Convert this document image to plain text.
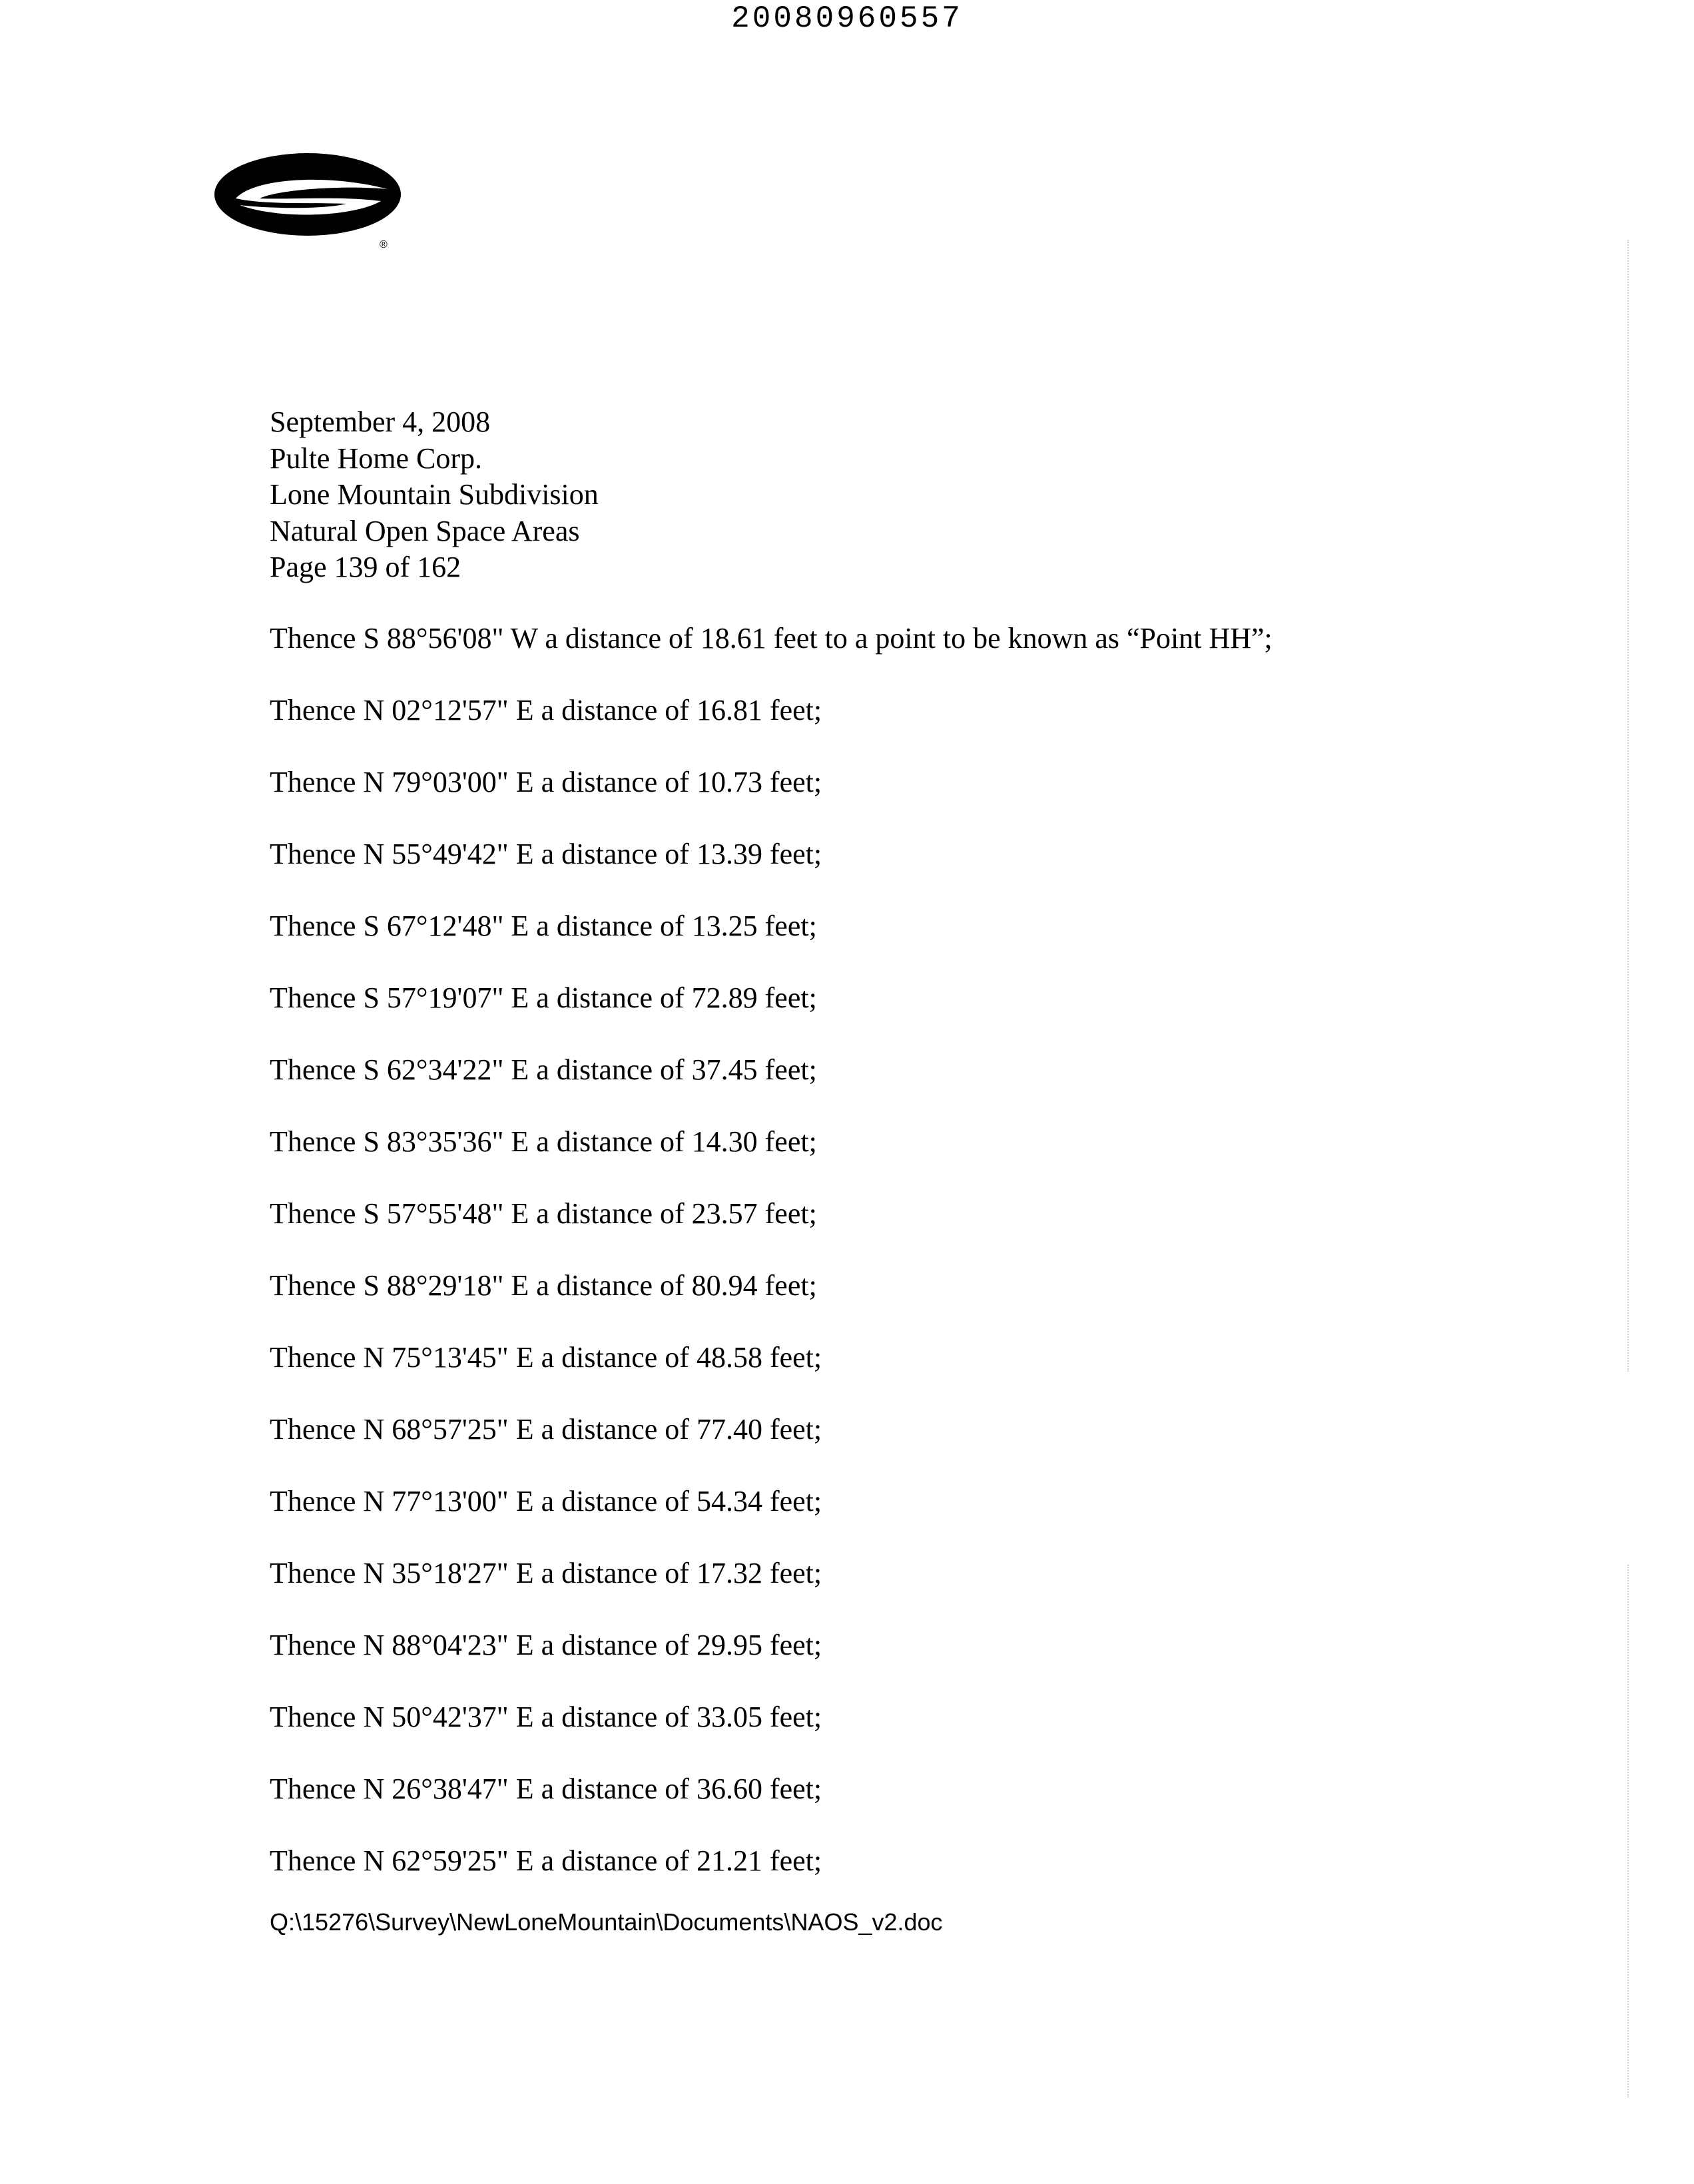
20080960557
®
September 4, 2008
Pulte Home Corp.
Lone Mountain Subdivision
Natural Open Space Areas
Page 139 of 162
Thence S 88°56'08" W a distance of 18.61 feet to a point to be known as “Point HH”;
Thence N 02°12'57" E a distance of 16.81 feet;
Thence N 79°03'00" E a distance of 10.73 feet;
Thence N 55°49'42" E a distance of 13.39 feet;
Thence S 67°12'48" E a distance of 13.25 feet;
Thence S 57°19'07" E a distance of 72.89 feet;
Thence S 62°34'22" E a distance of 37.45 feet;
Thence S 83°35'36" E a distance of 14.30 feet;
Thence S 57°55'48" E a distance of 23.57 feet;
Thence S 88°29'18" E a distance of 80.94 feet;
Thence N 75°13'45" E a distance of 48.58 feet;
Thence N 68°57'25" E a distance of 77.40 feet;
Thence N 77°13'00" E a distance of 54.34 feet;
Thence N 35°18'27" E a distance of 17.32 feet;
Thence N 88°04'23" E a distance of 29.95 feet;
Thence N 50°42'37" E a distance of 33.05 feet;
Thence N 26°38'47" E a distance of 36.60 feet;
Thence N 62°59'25" E a distance of 21.21 feet;
Q:\15276\Survey\NewLoneMountain\Documents\NAOS_v2.doc
